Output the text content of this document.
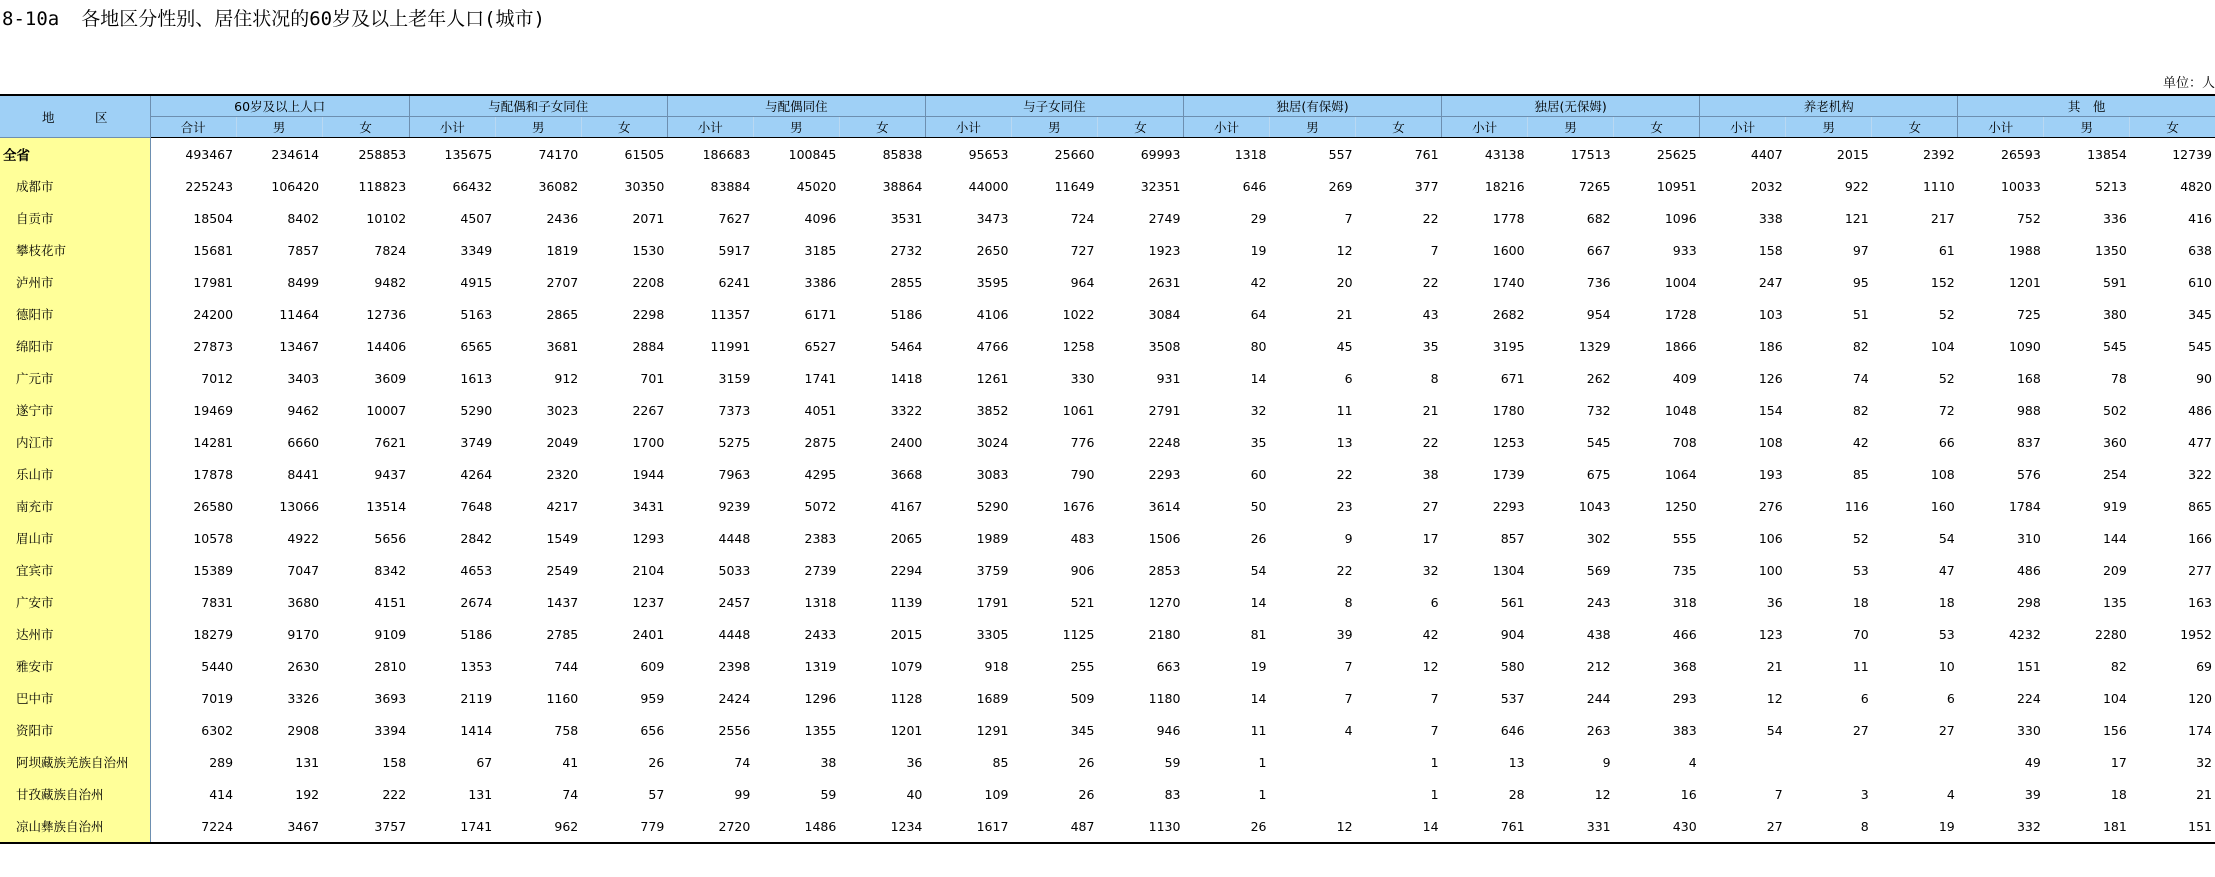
8-10a 各地区分性别、居住状况的60岁及以上老年人口(城市)
单位：人
地　区	60岁及以上人口			与配偶和子女同住			与配偶同住			与子女同住			独居(有保姆)			独居(无保姆)			养老机构			其　他		
	合计	男	女	小计	男	女	小计	男	女	小计	男	女	小计	男	女	小计	男	女	小计	男	女	小计	男	女
全省	493467	234614	258853	135675	74170	61505	186683	100845	85838	95653	25660	69993	1318	557	761	43138	17513	25625	4407	2015	2392	26593	13854	12739
成都市	225243	106420	118823	66432	36082	30350	83884	45020	38864	44000	11649	32351	646	269	377	18216	7265	10951	2032	922	1110	10033	5213	4820
自贡市	18504	8402	10102	4507	2436	2071	7627	4096	3531	3473	724	2749	29	7	22	1778	682	1096	338	121	217	752	336	416
攀枝花市	15681	7857	7824	3349	1819	1530	5917	3185	2732	2650	727	1923	19	12	7	1600	667	933	158	97	61	1988	1350	638
泸州市	17981	8499	9482	4915	2707	2208	6241	3386	2855	3595	964	2631	42	20	22	1740	736	1004	247	95	152	1201	591	610
德阳市	24200	11464	12736	5163	2865	2298	11357	6171	5186	4106	1022	3084	64	21	43	2682	954	1728	103	51	52	725	380	345
绵阳市	27873	13467	14406	6565	3681	2884	11991	6527	5464	4766	1258	3508	80	45	35	3195	1329	1866	186	82	104	1090	545	545
广元市	7012	3403	3609	1613	912	701	3159	1741	1418	1261	330	931	14	6	8	671	262	409	126	74	52	168	78	90
遂宁市	19469	9462	10007	5290	3023	2267	7373	4051	3322	3852	1061	2791	32	11	21	1780	732	1048	154	82	72	988	502	486
内江市	14281	6660	7621	3749	2049	1700	5275	2875	2400	3024	776	2248	35	13	22	1253	545	708	108	42	66	837	360	477
乐山市	17878	8441	9437	4264	2320	1944	7963	4295	3668	3083	790	2293	60	22	38	1739	675	1064	193	85	108	576	254	322
南充市	26580	13066	13514	7648	4217	3431	9239	5072	4167	5290	1676	3614	50	23	27	2293	1043	1250	276	116	160	1784	919	865
眉山市	10578	4922	5656	2842	1549	1293	4448	2383	2065	1989	483	1506	26	9	17	857	302	555	106	52	54	310	144	166
宜宾市	15389	7047	8342	4653	2549	2104	5033	2739	2294	3759	906	2853	54	22	32	1304	569	735	100	53	47	486	209	277
广安市	7831	3680	4151	2674	1437	1237	2457	1318	1139	1791	521	1270	14	8	6	561	243	318	36	18	18	298	135	163
达州市	18279	9170	9109	5186	2785	2401	4448	2433	2015	3305	1125	2180	81	39	42	904	438	466	123	70	53	4232	2280	1952
雅安市	5440	2630	2810	1353	744	609	2398	1319	1079	918	255	663	19	7	12	580	212	368	21	11	10	151	82	69
巴中市	7019	3326	3693	2119	1160	959	2424	1296	1128	1689	509	1180	14	7	7	537	244	293	12	6	6	224	104	120
资阳市	6302	2908	3394	1414	758	656	2556	1355	1201	1291	345	946	11	4	7	646	263	383	54	27	27	330	156	174
阿坝藏族羌族自治州	289	131	158	67	41	26	74	38	36	85	26	59	1		1	13	9	4				49	17	32
甘孜藏族自治州	414	192	222	131	74	57	99	59	40	109	26	83	1		1	28	12	16	7	3	4	39	18	21
凉山彝族自治州	7224	3467	3757	1741	962	779	2720	1486	1234	1617	487	1130	26	12	14	761	331	430	27	8	19	332	181	151
